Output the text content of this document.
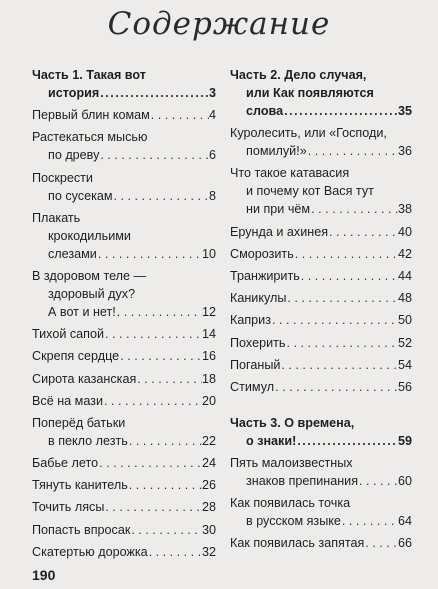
Содержание
Часть 1. Такая вот
история .....	3
Первый блин комам . . .	4
Растекаться мысью
по древу . . .	6
Поскрести
по сусекам . . .	8
Плакать
крокодильими
слезами . . .	10
В здоровом теле —
здоровый дух?
А вот и нет! . . .	12
Тихой сапой . . .	14
Скрепя сердце . . .	16
Сирота казанская . . .	18
Всё на мази . . .	20
Поперёд батьки
в пекло лезть . . .	22
Бабье лето . . .	24
Тянуть канитель . . .	26
Точить лясы . . .	28
Попасть впросак . . .	30
Скатертью дорожка . . .	32
Часть 2. Дело случая,
или Как появляются
слова .....	35
Куролесить, или «Господи,
помилуй!» . . .	36
Что такое катавасия
и почему кот Вася тут
ни при чём . . .	38
Ерунда и ахинея . . .	40
Сморозить . . .	42
Транжирить . . .	44
Каникулы . . .	48
Каприз . . .	50
Похерить . . .	52
Поганый . . .	54
Стимул . . .	56
Часть 3. О времена,
о знаки! .....	59
Пять малоизвестных
знаков препинания . . .	60
Как появилась точка
в русском языке . . .	64
Как появилась запятая . . .	66
190
